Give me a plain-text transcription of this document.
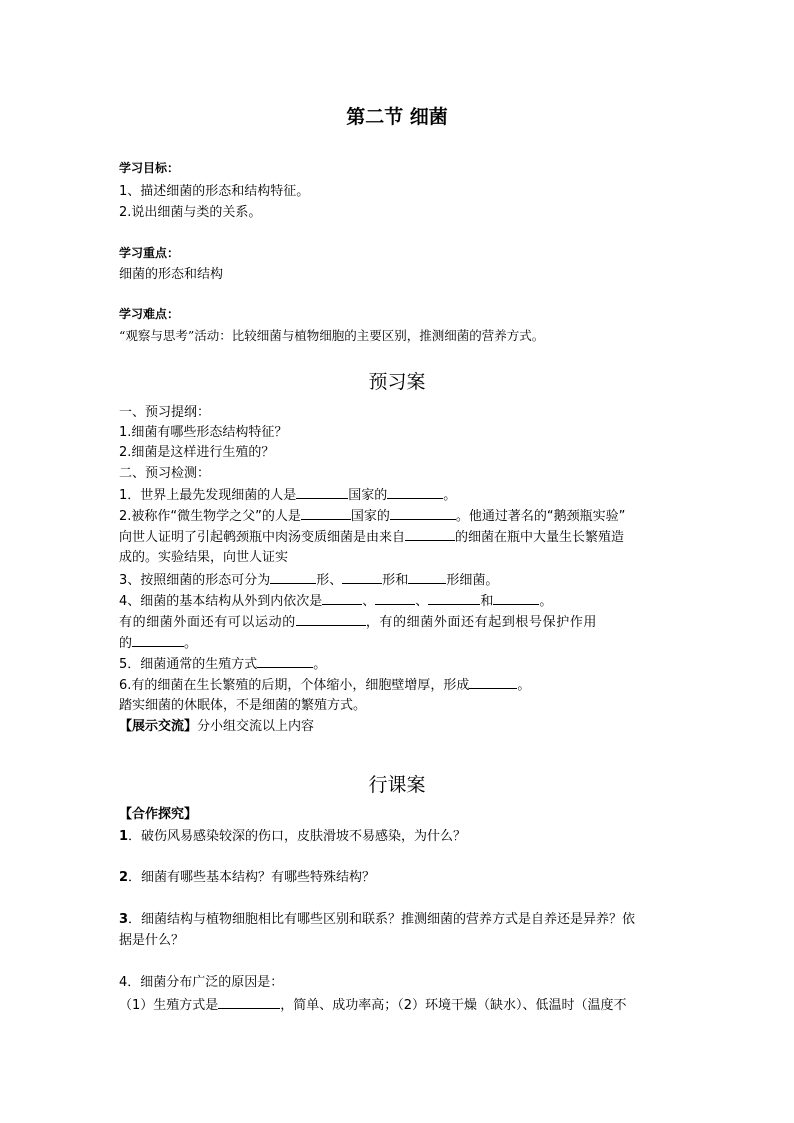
第二节 细菌
学习目标：
1、描述细菌的形态和结构特征。
2.说出细菌与类的关系。
学习重点：
细菌的形态和结构
学习难点：
“观察与思考”活动：比较细菌与植物细胞的主要区别，推测细菌的营养方式。
预习案
一、预习提纲：
1.细菌有哪些形态结构特征？
2.细菌是这样进行生殖的？
二、预习检测：
1．世界上最先发现细菌的人是	国家的	。
2.被称作“微生物学之父”的人是	国家的	。他通过著名的“鹅颈瓶实验”
向世人证明了引起鹌颈瓶中肉汤变质细菌是由来自	的细菌在瓶中大量生长繁殖造
成的。实验结果，向世人证实
3、按照细菌的形态可分为	形、	形和	形细菌。
4、细菌的基本结构从外到内依次是	、	、	和	。
有的细菌外面还有可以运动的	，有的细菌外面还有起到根号保护作用
的	。
5．细菌通常的生殖方式	。
6.有的细菌在生长繁殖的后期，个体缩小，细胞壁增厚，形成	。
踏实细菌的休眠体，不是细菌的繁殖方式。
【展示交流】分小组交流以上内容
行课案
【合作探究】
1．破伤风易感染较深的伤口，皮肤滑坡不易感染，为什么？
2．细菌有哪些基本结构？有哪些特殊结构？
3．细菌结构与植物细胞相比有哪些区别和联系？推测细菌的营养方式是自养还是异养？依
据是什么？
4．细菌分布广泛的原因是：
（1）生殖方式是	，简单、成功率高；（2）环境干燥（缺水）、低温时（温度不
